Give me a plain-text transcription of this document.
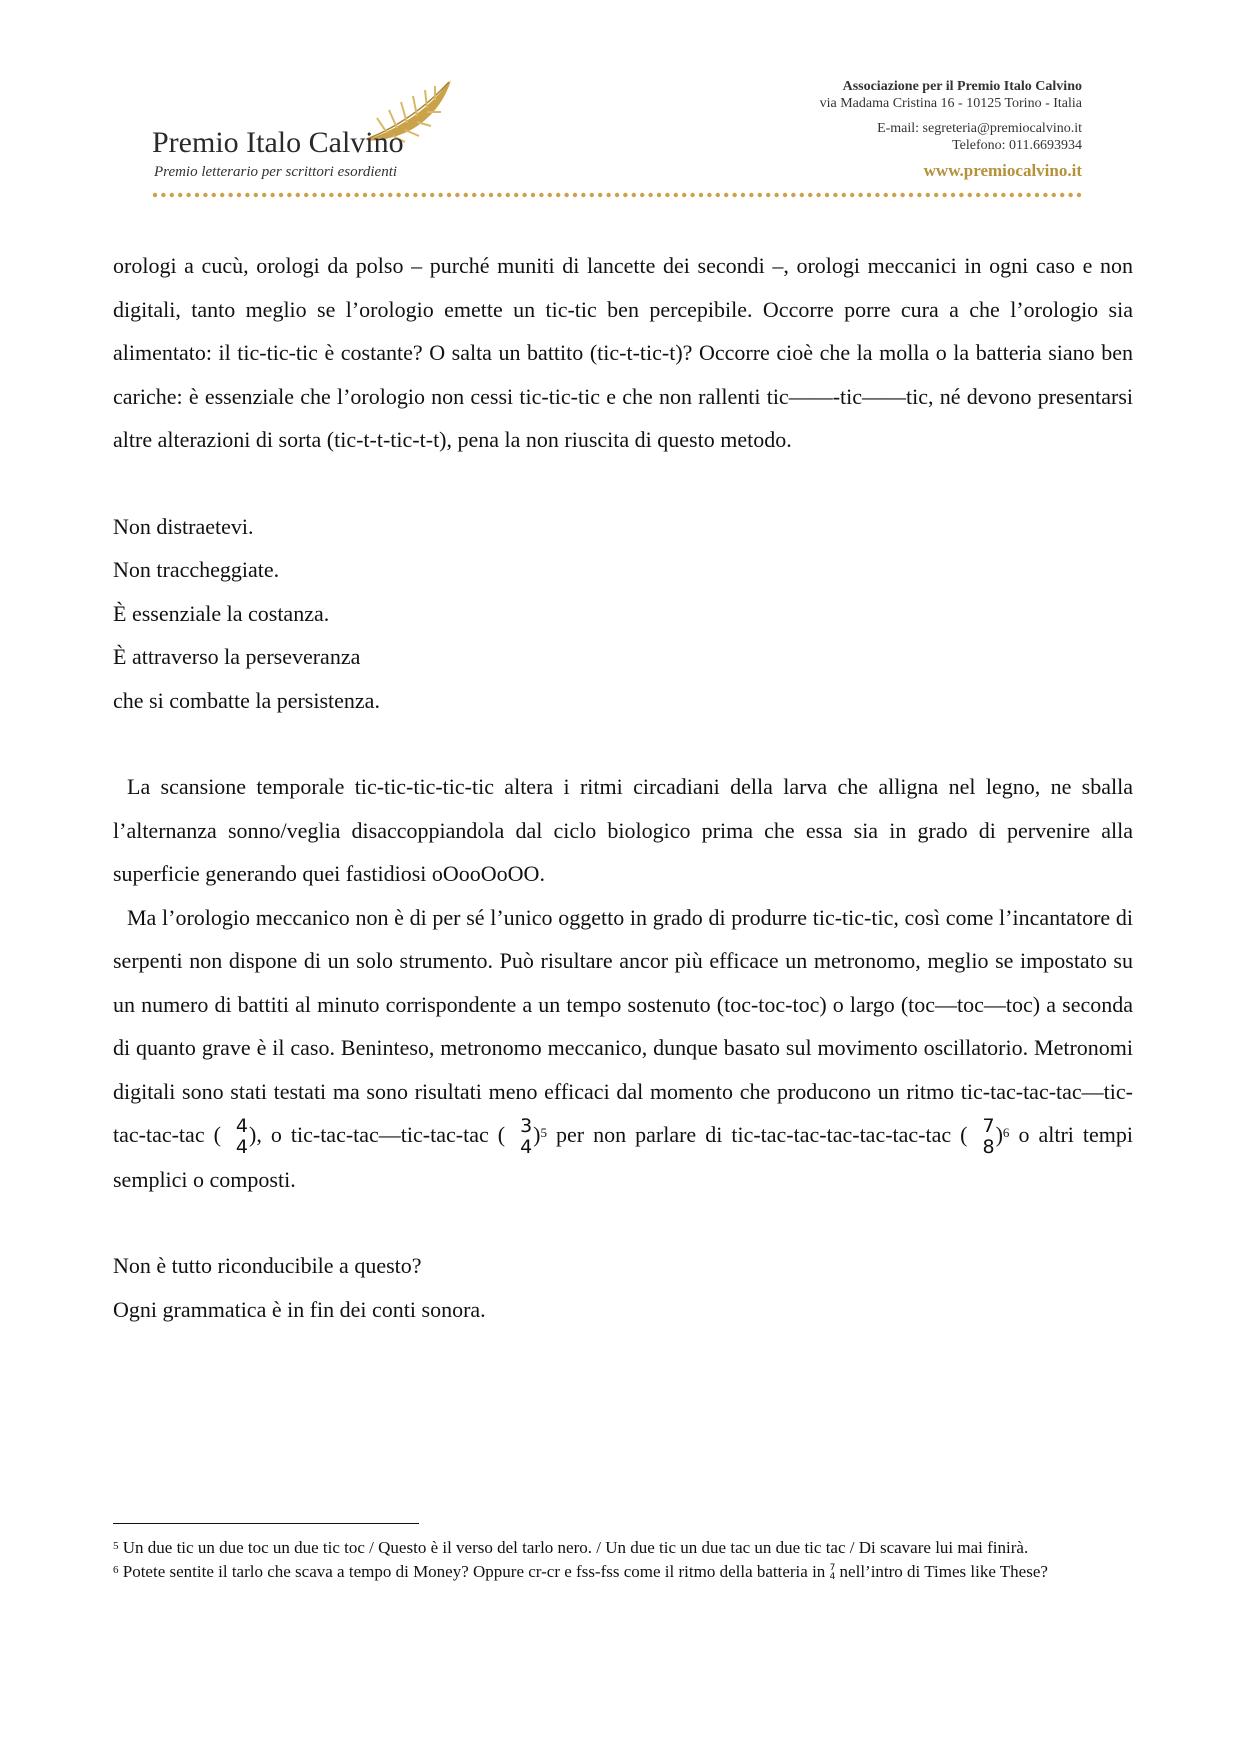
Premio Italo Calvino
Premio letterario per scrittori esordienti
Associazione per il Premio Italo Calvino
via Madama Cristina 16 - 10125 Torino - Italia
E-mail: segreteria@premiocalvino.it
Telefono: 011.6693934
www.premiocalvino.it

orologi a cucù, orologi da polso – purché muniti di lancette dei secondi –, orologi meccanici in ogni caso e non digitali, tanto meglio se l’orologio emette un tic-tic ben percepibile. Occorre porre cura a che l’orologio sia alimentato: il tic-tic-tic è costante? O salta un battito (tic-t-tic-t)? Occorre cioè che la molla o la batteria siano ben cariche: è essenziale che l’orologio non cessi tic-tic-tic e che non rallenti tic——-tic——tic, né devono presentarsi altre alterazioni di sorta (tic-t-t-tic-t-t), pena la non riuscita di questo metodo.

Non distraetevi.

Non traccheggiate.

È essenziale la costanza.

È attraverso la perseveranza

che si combatte la persistenza.

La scansione temporale tic-tic-tic-tic-tic altera i ritmi circadiani della larva che alligna nel legno, ne sballa l’alternanza sonno/veglia disaccoppiandola dal ciclo biologico prima che essa sia in grado di pervenire alla superficie generando quei fastidiosi oOooOoOO.

Ma l’orologio meccanico non è di per sé l’unico oggetto in grado di produrre tic-tic-tic, così come l’incantatore di serpenti non dispone di un solo strumento. Può risultare ancor più efficace un metronomo, meglio se impostato su un numero di battiti al minuto corrispondente a un tempo sostenuto (toc-toc-toc) o largo (toc—toc—toc) a seconda di quanto grave è il caso. Beninteso, metronomo meccanico, dunque basato sul movimento oscillatorio. Metronomi digitali sono stati testati ma sono risultati meno efficaci dal momento che producono un ritmo tic-tac-tac-tac—tic-tac-tac-tac ( 4
4 ), o tic-tac-tac—tic-tac-tac ( 3
4 )$^5$ per non parlare di tic-tac-tac-tac-tac-tac-tac ( 7
8 )$^6$ o altri tempi semplici o composti.

Non è tutto riconducibile a questo?

Ogni grammatica è in fin dei conti sonora.

$^5$ Un due tic un due toc un due tic toc / Questo è il verso del tarlo nero. / Un due tic un due tac un due tic tac / Di scavare lui mai finirà.

$^6$ Potete sentite il tarlo che scava a tempo di Money? Oppure cr-cr e fss-fss come il ritmo della batteria in 7
4 nell’intro di Times like These?
